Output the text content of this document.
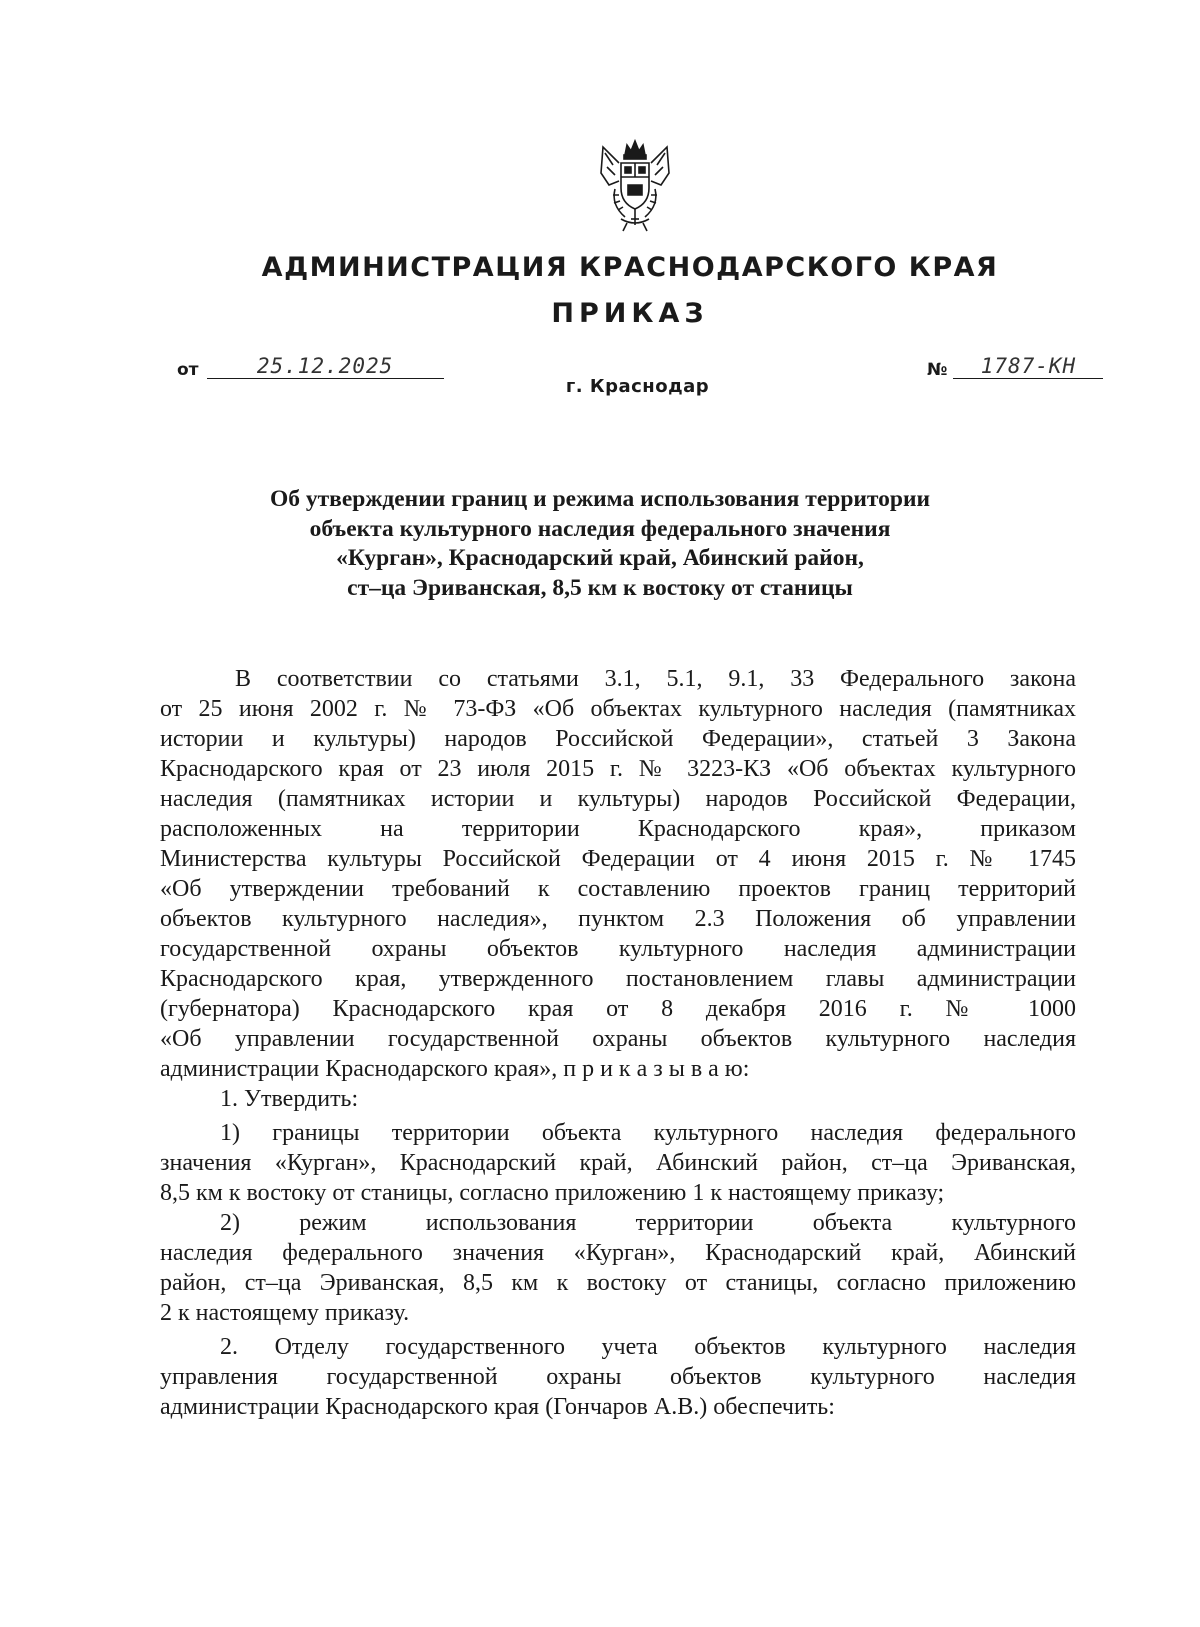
АДМИНИСТРАЦИЯ КРАСНОДАРСКОГО КРАЯ
ПРИКАЗ
от	25.12.2025	№ 1787-КН
г. Краснодар
Об утверждении границ и режима использования территории
объекта культурного наследия федерального значения
«Курган», Краснодарский край, Абинский район,
ст–ца Эриванская, 8,5 км к востоку от станицы
В соответствии со статьями 3.1, 5.1, 9.1, 33 Федерального закона
от 25 июня 2002 г. № 73-ФЗ «Об объектах культурного наследия (памятниках
истории и культуры) народов Российской Федерации», статьей 3 Закона
Краснодарского края от 23 июля 2015 г. № 3223-КЗ «Об объектах культурного
наследия (памятниках истории и культуры) народов Российской Федерации,
расположенных на территории Краснодарского края», приказом
Министерства культуры Российской Федерации от 4 июня 2015 г. № 1745
«Об утверждении требований к составлению проектов границ территорий
объектов культурного наследия», пунктом 2.3 Положения об управлении
государственной охраны объектов культурного наследия администрации
Краснодарского края, утвержденного постановлением главы администрации
(губернатора) Краснодарского края от 8 декабря 2016 г. № 1000
«Об управлении государственной охраны объектов культурного наследия
администрации Краснодарского края», п р и к а з ы в а ю:
1. Утвердить:
1) границы территории объекта культурного наследия федерального
значения «Курган», Краснодарский край, Абинский район, ст–ца Эриванская,
8,5 км к востоку от станицы, согласно приложению 1 к настоящему приказу;
2) режим использования территории объекта культурного
наследия федерального значения «Курган», Краснодарский край, Абинский
район, ст–ца Эриванская, 8,5 км к востоку от станицы, согласно приложению
2 к настоящему приказу.
2. Отделу государственного учета объектов культурного наследия
управления государственной охраны объектов культурного наследия
администрации Краснодарского края (Гончаров А.В.) обеспечить:
